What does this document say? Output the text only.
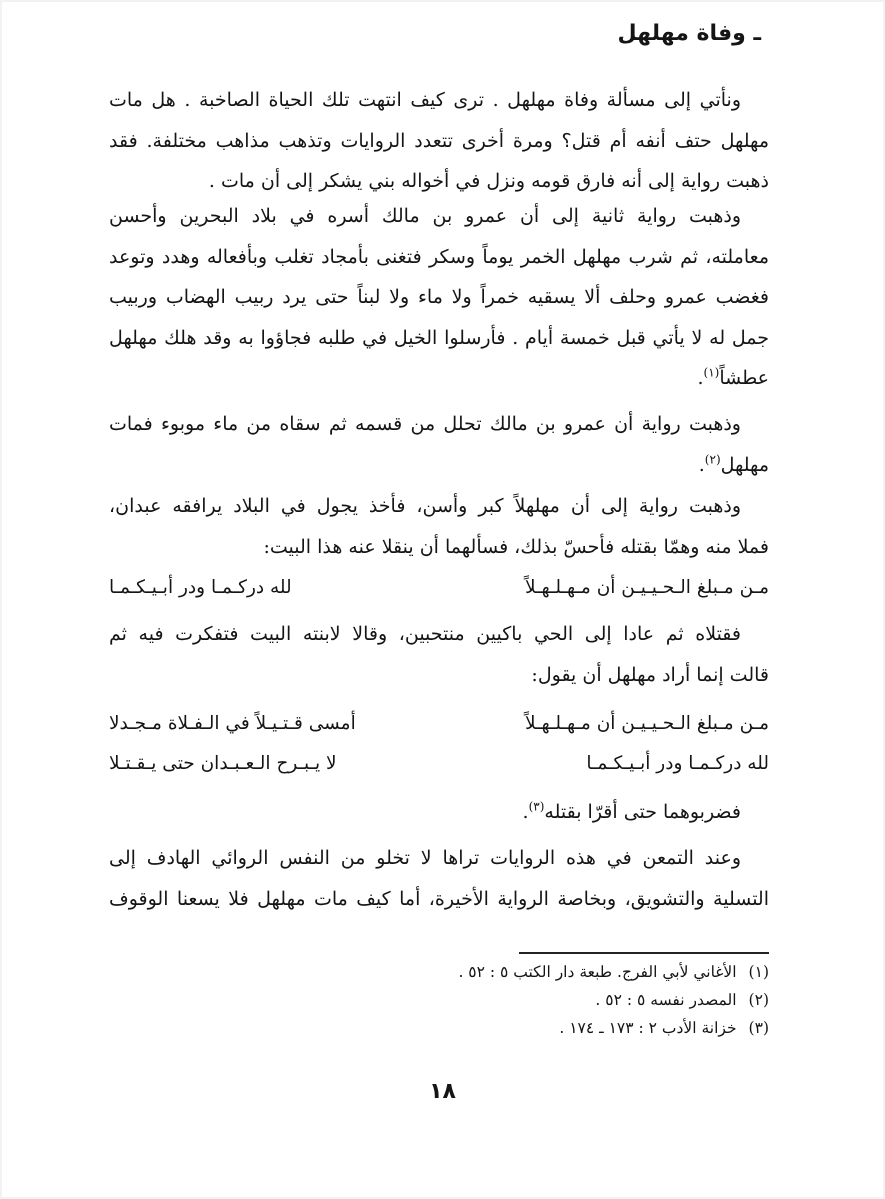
ـ وفاة مهلهل
ونأتي إلى مسألة وفاة مهلهل . ترى كيف انتهت تلك الحياة الصاخبة . هل مات
مهلهل حتف أنفه أم قتل؟ ومرة أخرى تتعدد الروايات وتذهب مذاهب مختلفة. فقد
ذهبت رواية إلى أنه فارق قومه ونزل في أخواله بني يشكر إلى أن مات .
وذهبت رواية ثانية إلى أن عمرو بن مالك أسره في بلاد البحرين وأحسن
معاملته، ثم شرب مهلهل الخمر يوماً وسكر فتغنى بأمجاد تغلب وبأفعاله وهدد وتوعد
فغضب عمرو وحلف ألا يسقيه خمراً ولا ماء ولا لبناً حتى يرد ربيب الهضاب وربيب
جمل له لا يأتي قبل خمسة أيام . فأرسلوا الخيل في طلبه فجاؤوا به وقد هلك مهلهل
عطشاً$^{(١)}$.
وذهبت رواية أن عمرو بن مالك تحلل من قسمه ثم سقاه من ماء موبوء فمات
مهلهل$^{(٢)}$.
وذهبت رواية إلى أن مهلهلاً كبر وأسن، فأخذ يجول في البلاد يرافقه عبدان،
فملا منه وهمّا بقتله فأحسّ بذلك، فسألهما أن ينقلا عنه هذا البيت:
مـن مـبلغ الـحـيـيـن أن مـهـلـهـلاً
لله دركـمـا ودر أبـيـكـمـا
فقتلاه ثم عادا إلى الحي باكيين منتحبين، وقالا لابنته البيت فتفكرت فيه ثم
قالت إنما أراد مهلهل أن يقول:
مـن مـبلغ الـحـيـيـن أن مـهـلـهـلاً
أمسى قـتـيـلاً في الـفـلاة مـجـدلا
لله دركـمـا ودر أبـيـكـمـا
لا يـبـرح الـعـبـدان حتى يـقـتـلا
فضربوهما حتى أقرّا بقتله$^{(٣)}$.
وعند التمعن في هذه الروايات تراها لا تخلو من النفس الروائي الهادف إلى
التسلية والتشويق، وبخاصة الرواية الأخيرة، أما كيف مات مهلهل فلا يسعنا الوقوف
(١)الأغاني لأبي الفرج. طبعة دار الكتب ٥ : ٥٢ .
(٢)المصدر نفسه ٥ : ٥٢ .
(٣)خزانة الأدب ٢ : ١٧٣ ـ ١٧٤ .
١٨
